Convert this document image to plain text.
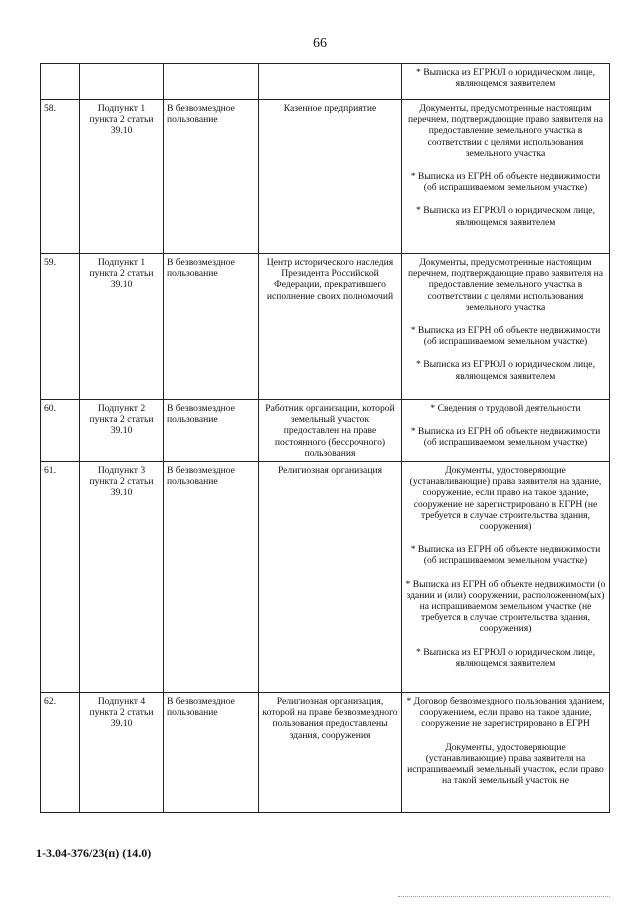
66

				* Выписка из ЕГРЮЛ о юридическом лице, являющемся заявителем

58.	Подпункт 1 пункта 2 статьи 39.10	В безвозмездное пользование	Казенное предприятие	Документы, предусмотренные настоящим перечнем, подтверждающие право заявителя на предоставление земельного участка в соответствии с целями использования земельного участка
* Выписка из ЕГРН об объекте недвижимости (об испрашиваемом земельном участке)
* Выписка из ЕГРЮЛ о юридическом лице, являющемся заявителем

59.	Подпункт 1 пункта 2 статьи 39.10	В безвозмездное пользование	Центр исторического наследия Президента Российской Федерации, прекратившего исполнение своих полномочий	Документы, предусмотренные настоящим перечнем, подтверждающие право заявителя на предоставление земельного участка в соответствии с целями использования земельного участка
* Выписка из ЕГРН об объекте недвижимости (об испрашиваемом земельном участке)
* Выписка из ЕГРЮЛ о юридическом лице, являющемся заявителем

60.	Подпункт 2 пункта 2 статьи 39.10	В безвозмездное пользование	Работник организации, которой земельный участок предоставлен на праве постоянного (бессрочного) пользования	* Сведения о трудовой деятельности
* Выписка из ЕГРН об объекте недвижимости (об испрашиваемом земельном участке)

61.	Подпункт 3 пункта 2 статьи 39.10	В безвозмездное пользование	Религиозная организация	Документы, удостоверяющие (устанавливающие) права заявителя на здание, сооружение, если право на такое здание, сооружение не зарегистрировано в ЕГРН (не требуется в случае строительства здания, сооружения)
* Выписка из ЕГРН об объекте недвижимости (об испрашиваемом земельном участке)
* Выписка из ЕГРН об объекте недвижимости (о здании и (или) сооружении, расположенном(ых) на испрашиваемом земельном участке (не требуется в случае строительства здания, сооружения)
* Выписка из ЕГРЮЛ о юридическом лице, являющемся заявителем

62.	Подпункт 4 пункта 2 статьи 39.10	В безвозмездное пользование	Религиозная организация, которой на праве безвозмездного пользования предоставлены здания, сооружения	* Договор безвозмездного пользования зданием, сооружением, если право на такое здание, сооружение не зарегистрировано в ЕГРН
Документы, удостоверяющие (устанавливающие) права заявителя на испрашиваемый земельный участок, если право на такой земельный участок не
1-3.04-376/23(п) (14.0)
